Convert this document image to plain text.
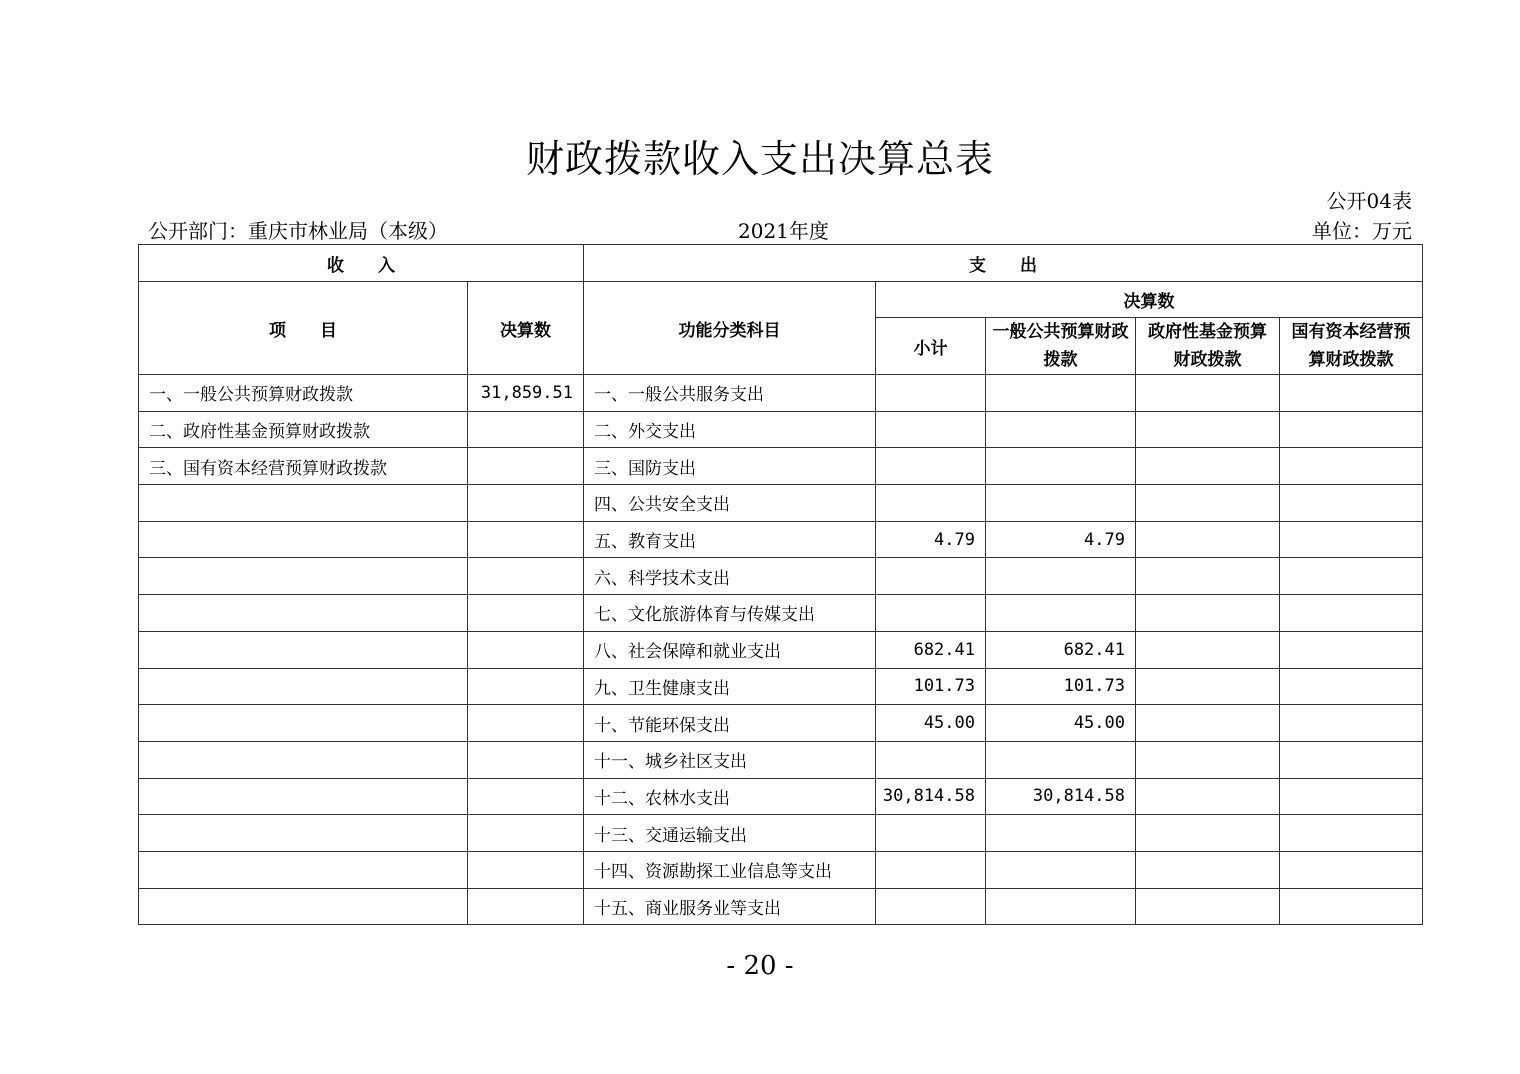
财政拨款收入支出决算总表
公开04表
公开部门：重庆市林业局（本级）	2021年度	单位：万元
收　　入		支　　出				
项　　目	决算数	功能分类科目	决算数			
			小计	一般公共预算财政拨款	政府性基金预算财政拨款	国有资本经营预算财政拨款
一、一般公共预算财政拨款	31,859.51	一、一般公共服务支出				
二、政府性基金预算财政拨款		二、外交支出				
三、国有资本经营预算财政拨款		三、国防支出				
		四、公共安全支出				
		五、教育支出	4.79	4.79		
		六、科学技术支出				
		七、文化旅游体育与传媒支出				
		八、社会保障和就业支出	682.41	682.41		
		九、卫生健康支出	101.73	101.73		
		十、节能环保支出	45.00	45.00		
		十一、城乡社区支出				
		十二、农林水支出	30,814.58	30,814.58		
		十三、交通运输支出				
		十四、资源勘探工业信息等支出				
		十五、商业服务业等支出				
- 20 -
